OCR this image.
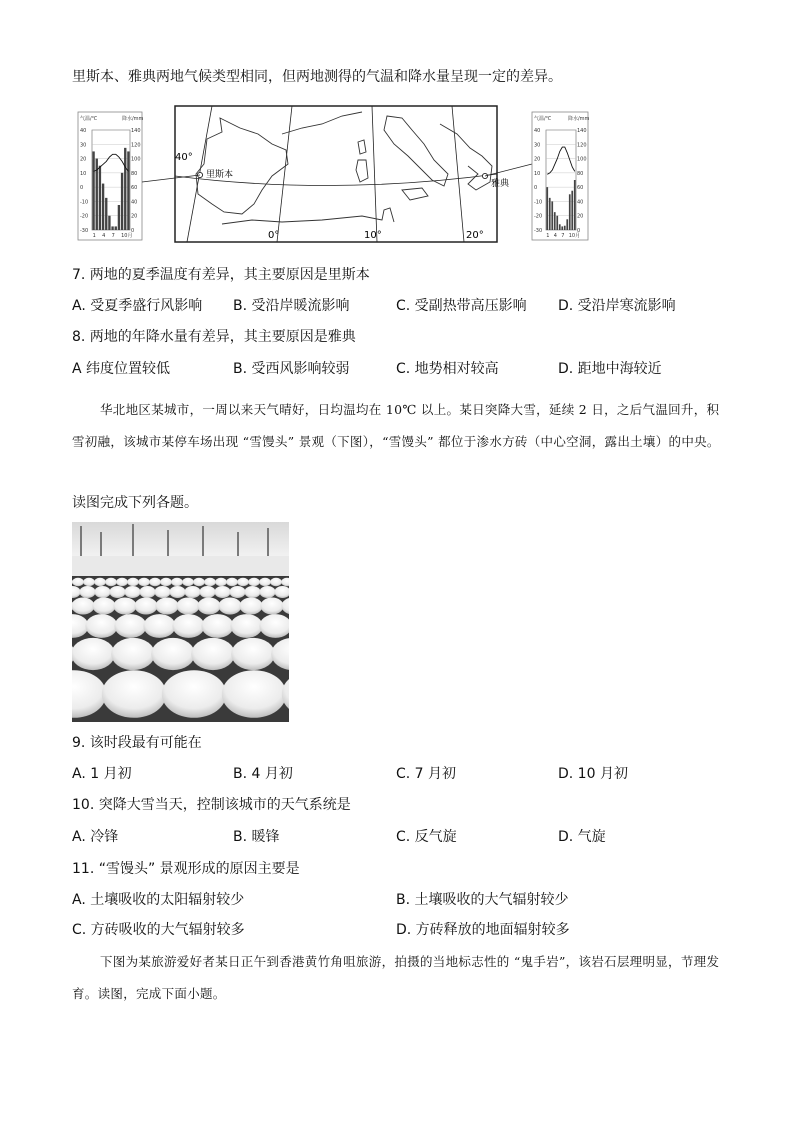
里斯本、雅典两地气候类型相同，但两地测得的气温和降水量呈现一定的差异。
气温/℃	降水/mm
40
30
20
10
0
-10
-20
-30
140
120
100
80
60
40
20
0
1 4 7 10月
40°
里斯本
雅典
0°	10°	20°
气温/℃	降水/mm
40
30
20
10
0
-10
-20
-30
140
120
100
80
60
40
20
0
1 4 7 10月
7. 两地的夏季温度有差异，其主要原因是里斯本
A. 受夏季盛行风影响 B. 受沿岸暖流影响	C. 受副热带高压影响 D. 受沿岸寒流影响
8. 两地的年降水量有差异，其主要原因是雅典
A 纬度位置较低	B. 受西风影响较弱	C. 地势相对较高	D. 距地中海较近
华北地区某城市，一周以来天气晴好，日均温均在 10℃ 以上。某日突降大雪，延续 2 日，之后气温回升，积雪初融，该城市某停车场出现 “雪馒头” 景观（下图），“雪馒头” 都位于渗水方砖（中心空洞，露出土壤）的中央。
读图完成下列各题。
9. 该时段最有可能在
A. 1 月初	B. 4 月初	C. 7 月初	D. 10 月初
10. 突降大雪当天，控制该城市的天气系统是
A. 冷锋	B. 暖锋	C. 反气旋	D. 气旋
11. “雪馒头” 景观形成的原因主要是
A. 土壤吸收的太阳辐射较少	B. 土壤吸收的大气辐射较少
C. 方砖吸收的大气辐射较多	D. 方砖释放的地面辐射较多
下图为某旅游爱好者某日正午到香港黄竹角咀旅游，拍摄的当地标志性的 “鬼手岩”，该岩石层理明显，节理发育。读图，完成下面小题。
